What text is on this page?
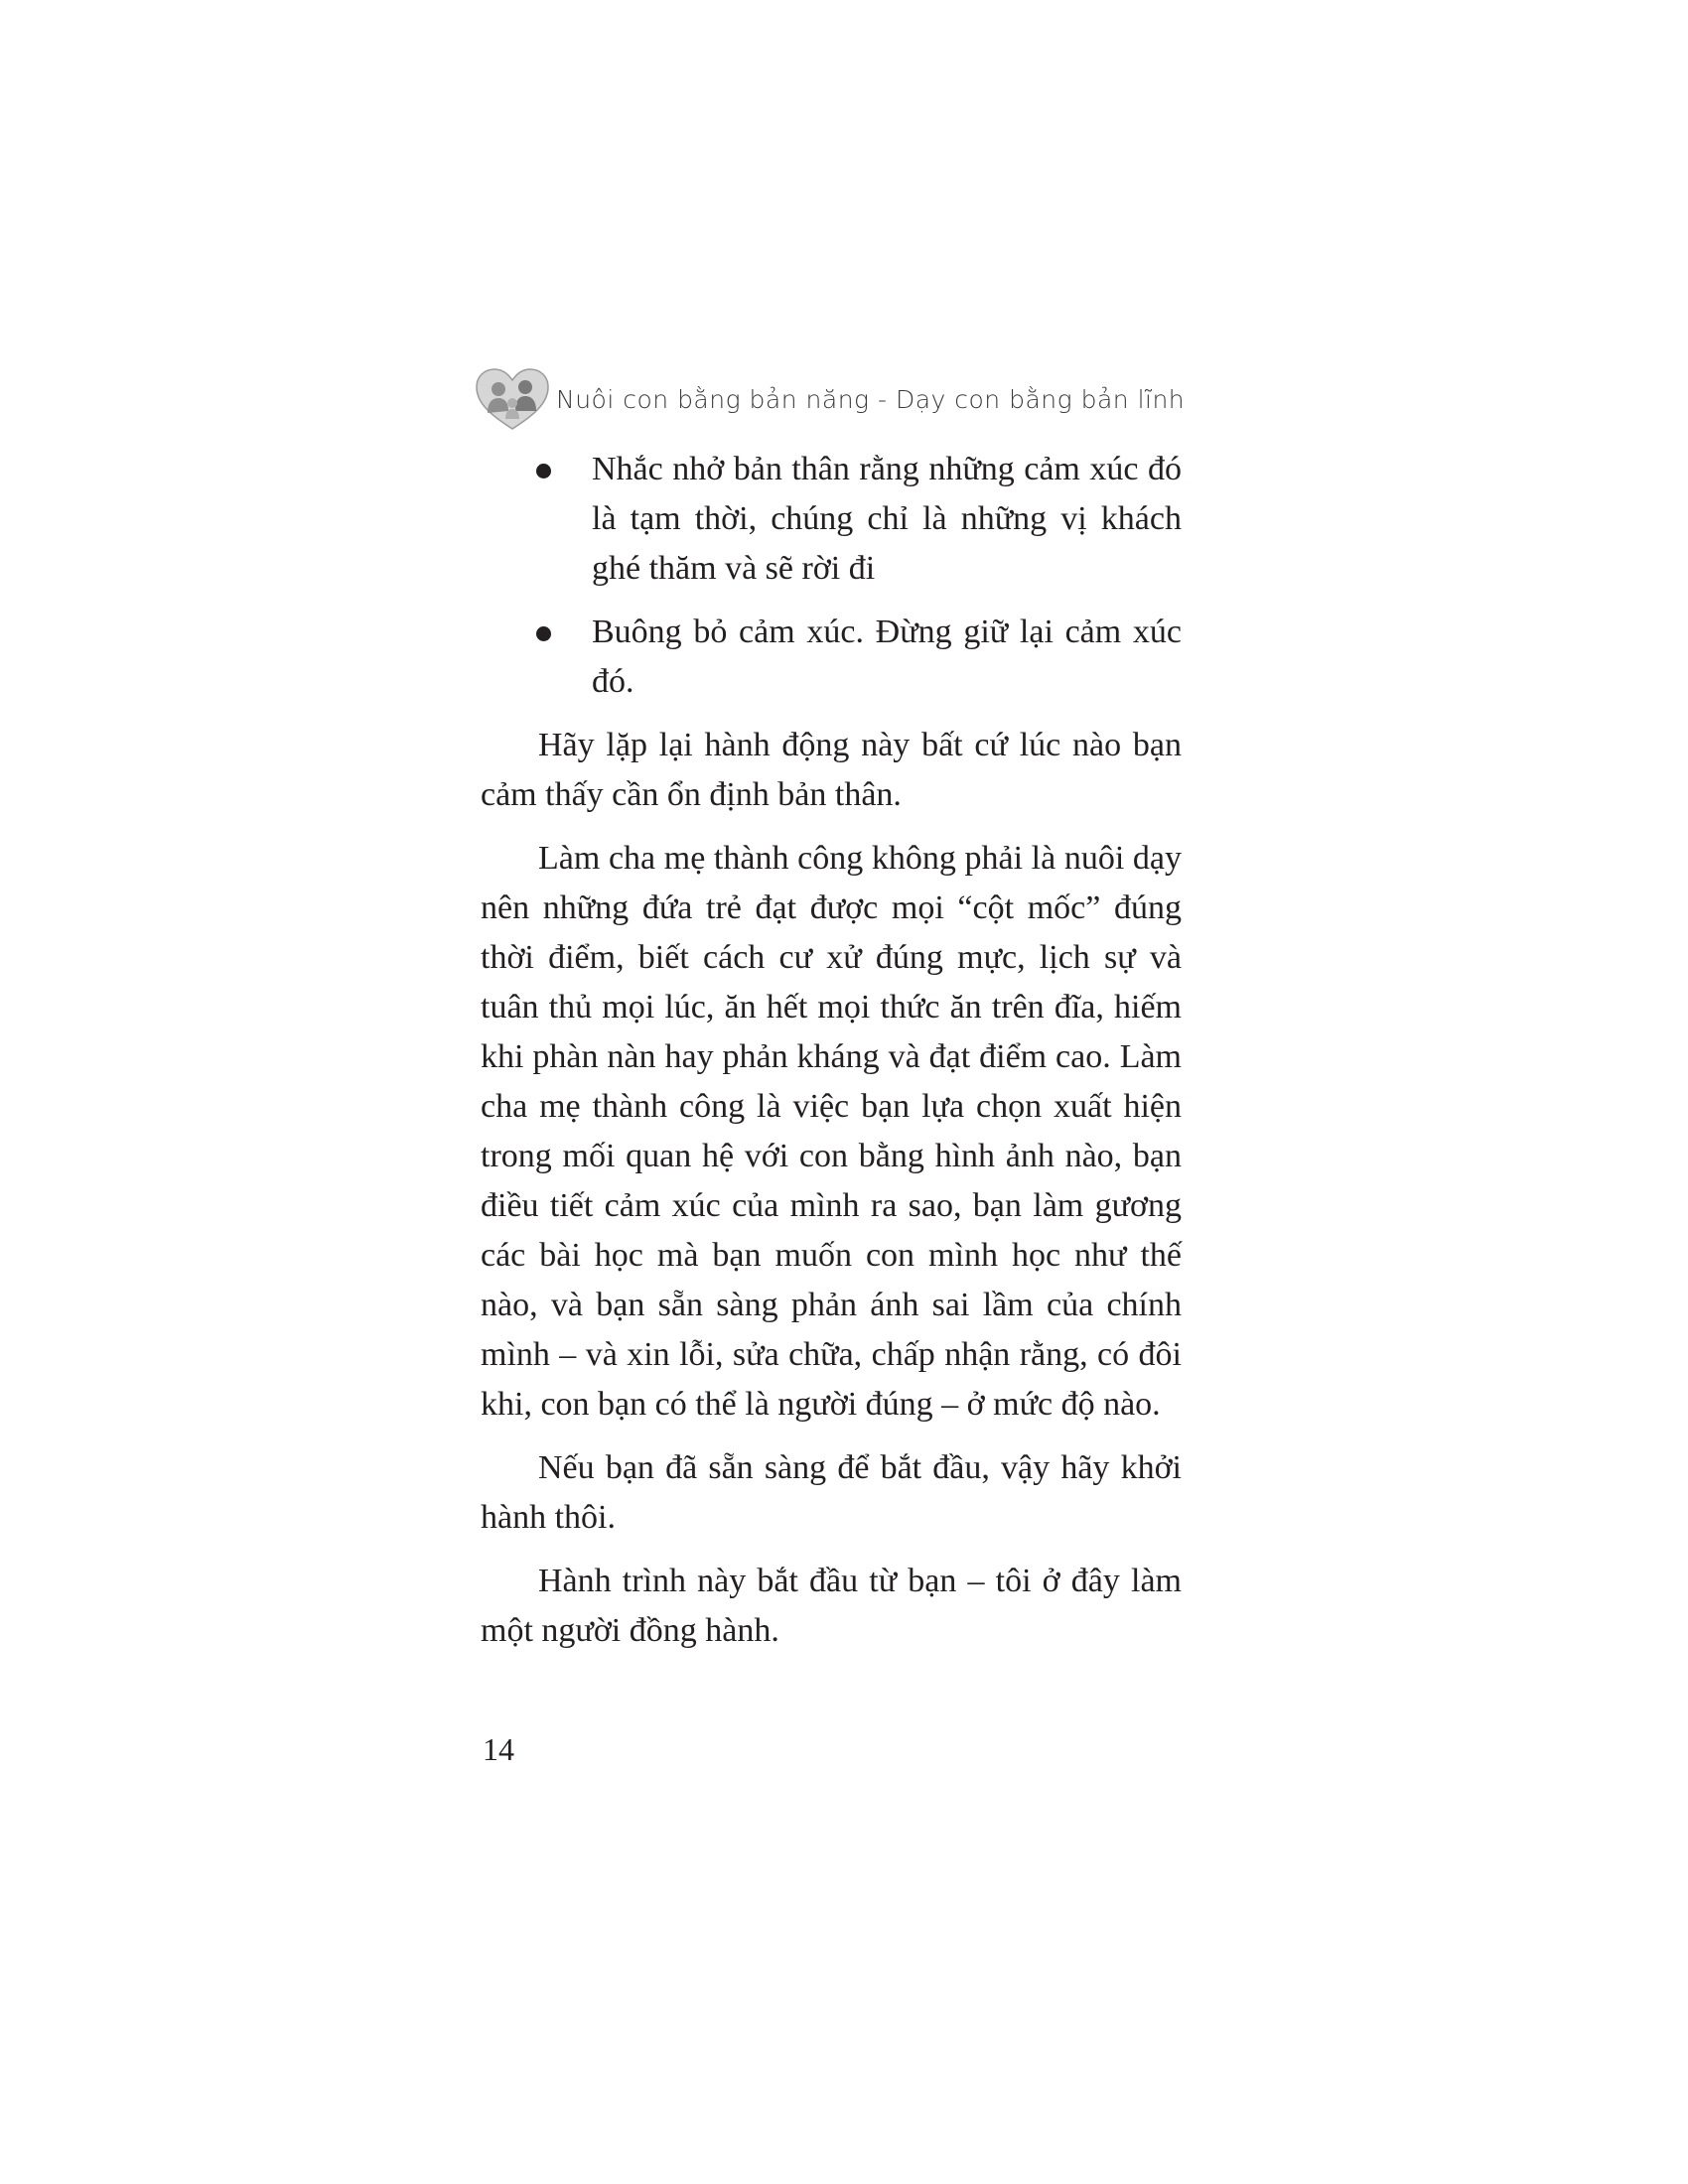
Nuôi con bằng bản năng - Dạy con bằng bản lĩnh
Nhắc nhở bản thân rằng những cảm xúc đó là tạm thời, chúng chỉ là những vị khách ghé thăm và sẽ rời đi
Buông bỏ cảm xúc. Đừng giữ lại cảm xúc đó.

Hãy lặp lại hành động này bất cứ lúc nào bạn cảm thấy cần ổn định bản thân.

Làm cha mẹ thành công không phải là nuôi dạy nên những đứa trẻ đạt được mọi “cột mốc” đúng thời điểm, biết cách cư xử đúng mực, lịch sự và tuân thủ mọi lúc, ăn hết mọi thức ăn trên đĩa, hiếm khi phàn nàn hay phản kháng và đạt điểm cao. Làm cha mẹ thành công là việc bạn lựa chọn xuất hiện trong mối quan hệ với con bằng hình ảnh nào, bạn điều tiết cảm xúc của mình ra sao, bạn làm gương các bài học mà bạn muốn con mình học như thế nào, và bạn sẵn sàng phản ánh sai lầm của chính mình – và xin lỗi, sửa chữa, chấp nhận rằng, có đôi khi, con bạn có thể là người đúng – ở mức độ nào.

Nếu bạn đã sẵn sàng để bắt đầu, vậy hãy khởi hành thôi.

Hành trình này bắt đầu từ bạn – tôi ở đây làm một người đồng hành.

14
